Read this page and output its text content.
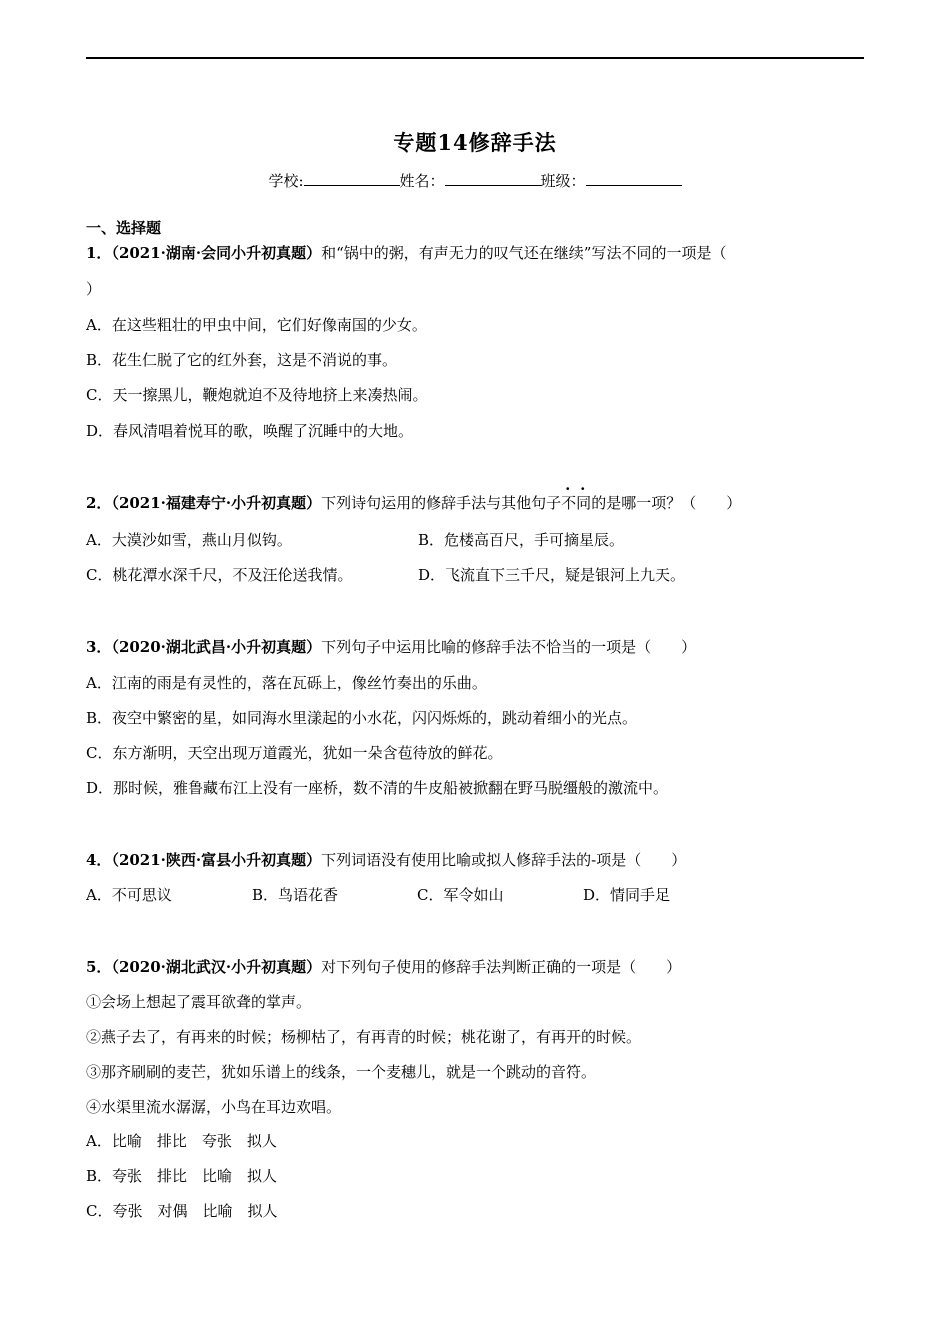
专题14修辞手法
学校:	姓名：	班级：
一、选择题
1．（2021·湖南·会同小升初真题）和“锅中的粥，有声无力的叹气还在继续”写法不同的一项是（
）
A．在这些粗壮的甲虫中间，它们好像南国的少女。
B．花生仁脱了它的红外套，这是不消说的事。
C．天一擦黑儿，鞭炮就迫不及待地挤上来凑热闹。
D．春风清唱着悦耳的歌，唤醒了沉睡中的大地。
2．（2021·福建寿宁·小升初真题）下列诗句运用的修辞手法与其他句子不同的是哪一项？（　　）
A．大漠沙如雪，燕山月似钩。	B．危楼高百尺，手可摘星辰。
C．桃花潭水深千尺，不及汪伦送我情。	D．飞流直下三千尺，疑是银河上九天。
3．（2020·湖北武昌·小升初真题）下列句子中运用比喻的修辞手法不恰当的一项是（　　）
A．江南的雨是有灵性的，落在瓦砾上，像丝竹奏出的乐曲。
B．夜空中繁密的星，如同海水里漾起的小水花，闪闪烁烁的，跳动着细小的光点。
C．东方渐明，天空出现万道霞光，犹如一朵含苞待放的鲜花。
D．那时候，雅鲁藏布江上没有一座桥，数不清的牛皮船被掀翻在野马脱缰般的激流中。
4．（2021·陕西·富县小升初真题）下列词语没有使用比喻或拟人修辞手法的-项是（　　）
A．不可思议	B．鸟语花香	C．军令如山	D．情同手足
5．（2020·湖北武汉·小升初真题）对下列句子使用的修辞手法判断正确的一项是（　　）
①会场上想起了震耳欲聋的掌声。
②燕子去了，有再来的时候；杨柳枯了，有再青的时候；桃花谢了，有再开的时候。
③那齐刷刷的麦芒，犹如乐谱上的线条，一个麦穗儿，就是一个跳动的音符。
④水渠里流水潺潺，小鸟在耳边欢唱。
A．比喻　排比　夸张　拟人
B．夸张　排比　比喻　拟人
C．夸张　对偶　比喻　拟人
